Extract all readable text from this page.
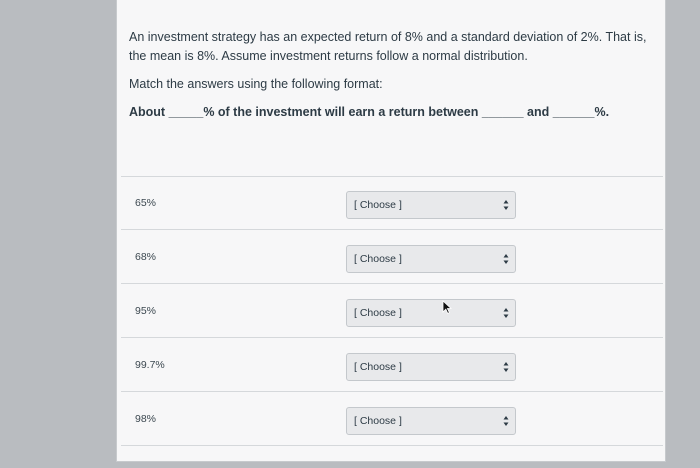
An investment strategy has an expected return of 8% and a standard deviation of 2%. That is, the mean is 8%. Assume investment returns follow a normal distribution.

Match the answers using the following format:

About _____% of the investment will earn a return between ______ and ______%.

65%	[ Choose ]
68%	[ Choose ]
95%	[ Choose ]
99.7%	[ Choose ]
98%	[ Choose ]
